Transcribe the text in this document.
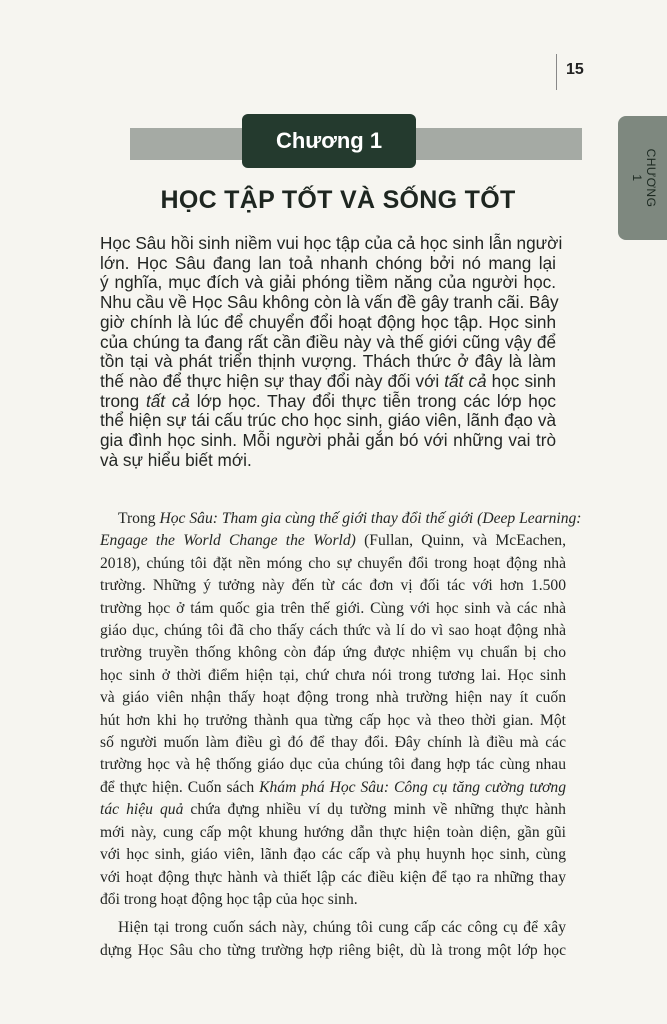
15
Chương 1
HỌC TẬP TỐT VÀ SỐNG TỐT	CHƯƠNG 1
Học Sâu hồi sinh niềm vui học tập của cả học sinh lẫn người
lớn. Học Sâu đang lan toả nhanh chóng bởi nó mang lại
ý nghĩa, mục đích và giải phóng tiềm năng của người học.
Nhu cầu về Học Sâu không còn là vấn đề gây tranh cãi. Bây
giờ chính là lúc để chuyển đổi hoạt động học tập. Học sinh
của chúng ta đang rất cần điều này và thế giới cũng vậy để
tồn tại và phát triển thịnh vượng. Thách thức ở đây là làm
thế nào để thực hiện sự thay đổi này đối với tất cả học sinh
trong tất cả lớp học. Thay đổi thực tiễn trong các lớp học
thể hiện sự tái cấu trúc cho học sinh, giáo viên, lãnh đạo và
gia đình học sinh. Mỗi người phải gắn bó với những vai trò
và sự hiểu biết mới.
Trong Học Sâu: Tham gia cùng thế giới thay đổi thế giới (Deep Learning:
Engage the World Change the World) (Fullan, Quinn, và McEachen,
2018), chúng tôi đặt nền móng cho sự chuyển đổi trong hoạt động nhà
trường. Những ý tưởng này đến từ các đơn vị đối tác với hơn 1.500
trường học ở tám quốc gia trên thế giới. Cùng với học sinh và các nhà
giáo dục, chúng tôi đã cho thấy cách thức và lí do vì sao hoạt động nhà
trường truyền thống không còn đáp ứng được nhiệm vụ chuẩn bị cho
học sinh ở thời điểm hiện tại, chứ chưa nói trong tương lai. Học sinh
và giáo viên nhận thấy hoạt động trong nhà trường hiện nay ít cuốn
hút hơn khi họ trưởng thành qua từng cấp học và theo thời gian. Một
số người muốn làm điều gì đó để thay đổi. Đây chính là điều mà các
trường học và hệ thống giáo dục của chúng tôi đang hợp tác cùng nhau
để thực hiện. Cuốn sách Khám phá Học Sâu: Công cụ tăng cường tương
tác hiệu quả chứa đựng nhiều ví dụ tường minh về những thực hành
mới này, cung cấp một khung hướng dẫn thực hiện toàn diện, gần gũi
với học sinh, giáo viên, lãnh đạo các cấp và phụ huynh học sinh, cùng
với hoạt động thực hành và thiết lập các điều kiện để tạo ra những thay
đổi trong hoạt động học tập của học sinh.
Hiện tại trong cuốn sách này, chúng tôi cung cấp các công cụ để xây
dựng Học Sâu cho từng trường hợp riêng biệt, dù là trong một lớp học
